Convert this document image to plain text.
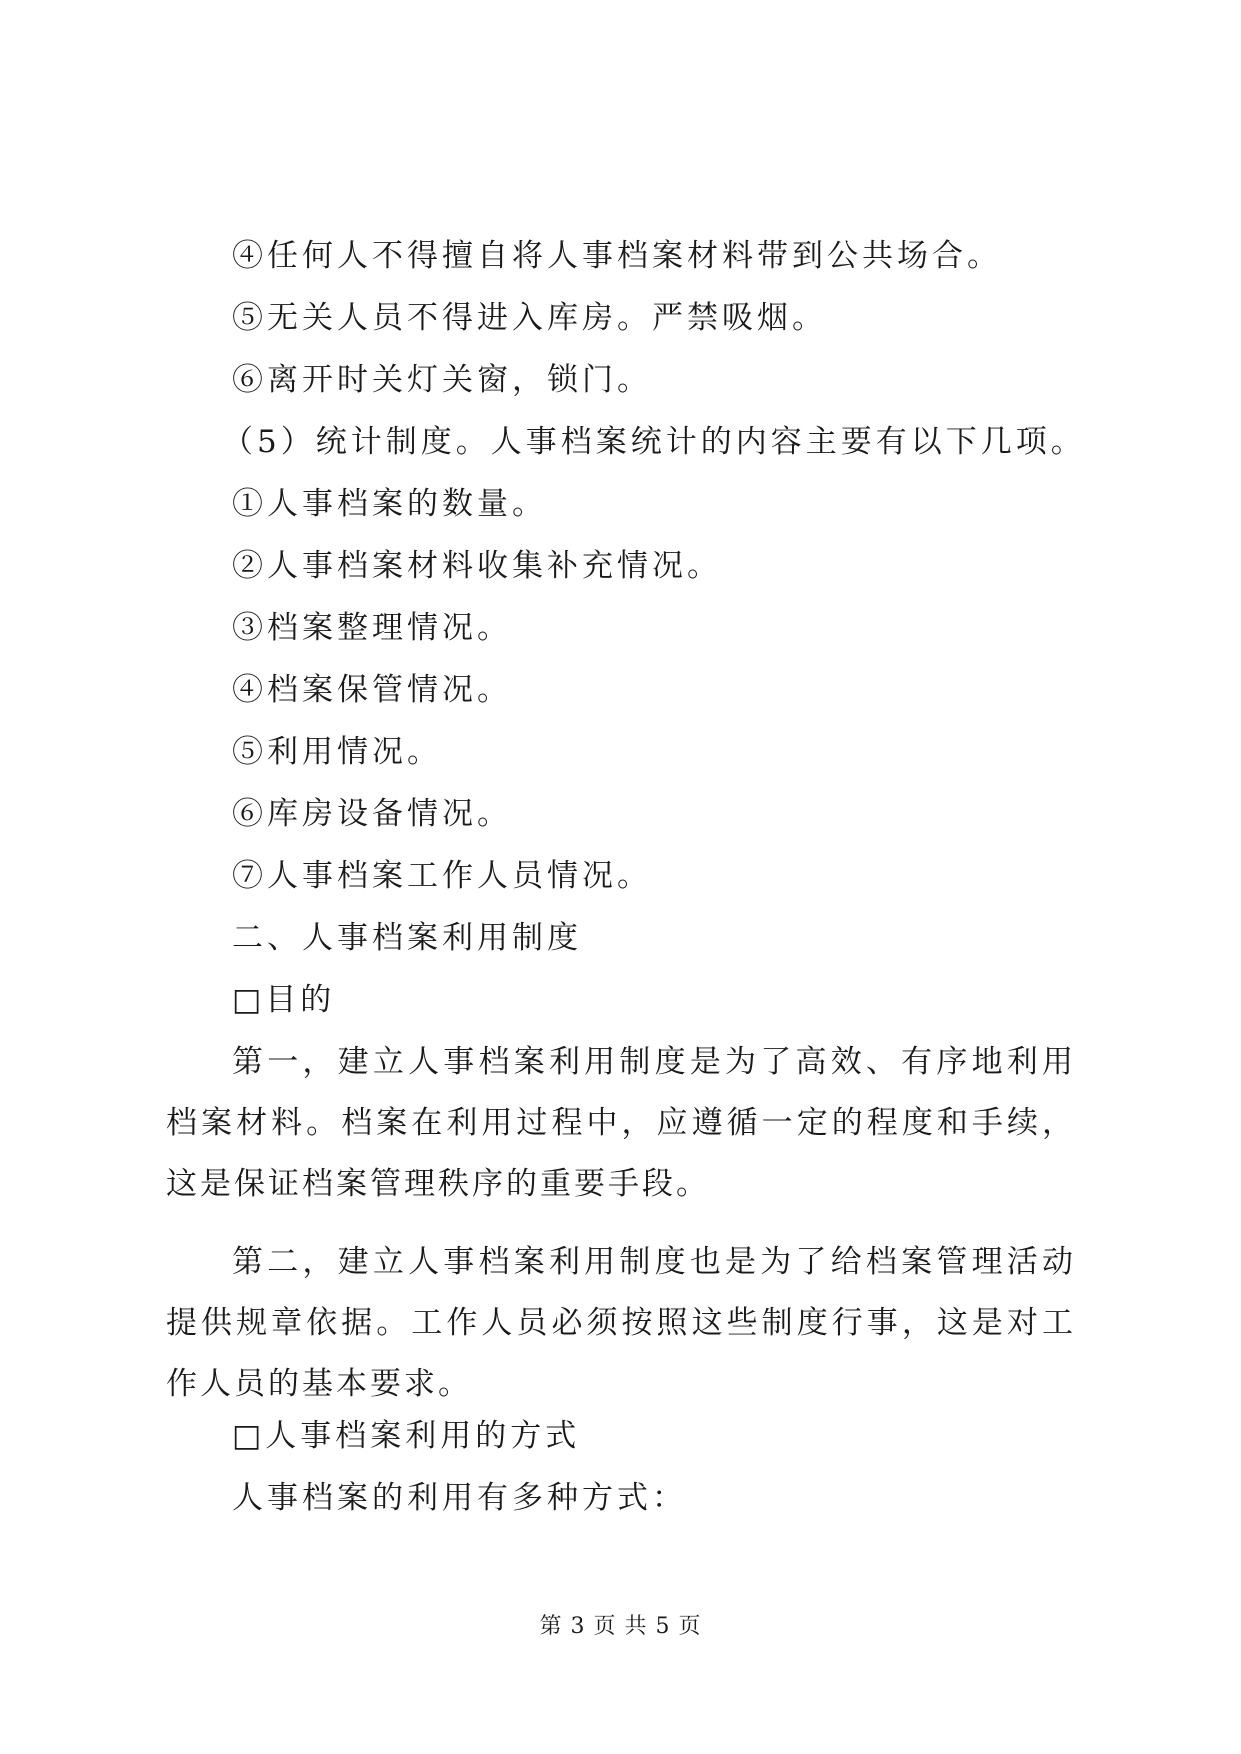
④任何人不得擅自将人事档案材料带到公共场合。
⑤无关人员不得进入库房。严禁吸烟。
⑥离开时关灯关窗，锁门。
（5）统计制度。人事档案统计的内容主要有以下几项。
①人事档案的数量。
②人事档案材料收集补充情况。
③档案整理情况。
④档案保管情况。
⑤利用情况。
⑥库房设备情况。
⑦人事档案工作人员情况。
二、人事档案利用制度
□目的
第一，建立人事档案利用制度是为了高效、有序地利用档案材料。档案在利用过程中，应遵循一定的程度和手续，这是保证档案管理秩序的重要手段。
第二，建立人事档案利用制度也是为了给档案管理活动提供规章依据。工作人员必须按照这些制度行事，这是对工作人员的基本要求。
□人事档案利用的方式
人事档案的利用有多种方式：
第 3 页 共 5 页
